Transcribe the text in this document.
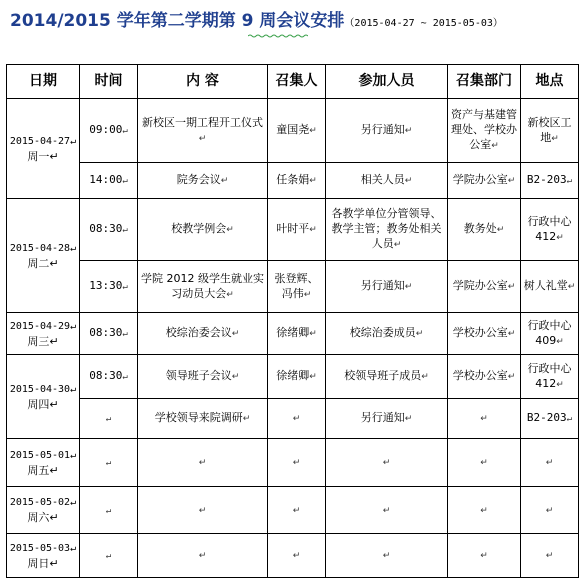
2014/2015 学年第二学期第 9 周会议安排（2015-04-27 ~ 2015-05-03）
日期	时间	内 容	召集人	参加人员	召集部门	地点

2015-04-27↵
周一↵	09:00↵	新校区一期工程开工仪式↵	童国尧↵	另行通知↵	资产与基建管理处、学校办公室↵	新校区工地↵
	14:00↵	院务会议↵	任条娟↵	相关人员↵	学院办公室↵	B2-203↵

2015-04-28↵
周二↵	08:30↵	校教学例会↵	叶时平↵	各教学单位分管领导、教学主管；教务处相关人员↵	教务处↵	行政中心 412↵
	13:30↵	学院 2012 级学生就业实习动员大会↵	张登辉、冯伟↵	另行通知↵	学院办公室↵	树人礼堂↵

2015-04-29↵
周三↵	08:30↵	校综治委会议↵	徐绪卿↵	校综治委成员↵	学校办公室↵	行政中心 409↵

2015-04-30↵
周四↵	08:30↵	领导班子会议↵	徐绪卿↵	校领导班子成员↵	学校办公室↵	行政中心 412↵
	↵	学校领导来院调研↵	↵	另行通知↵	↵	B2-203↵

2015-05-01↵
周五↵	↵	↵	↵	↵	↵	↵

2015-05-02↵
周六↵	↵	↵	↵	↵	↵	↵

2015-05-03↵
周日↵	↵	↵	↵	↵	↵	↵
